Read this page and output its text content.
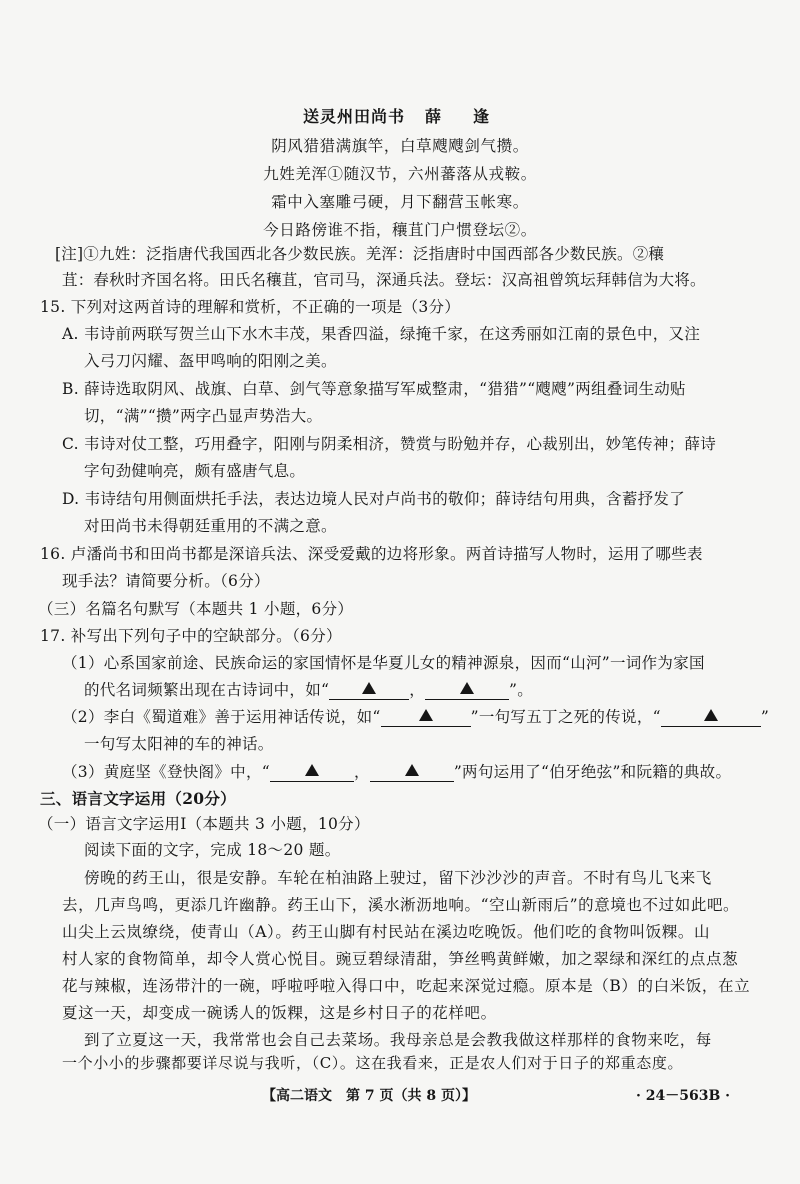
送灵州田尚书 薛　逢
阴风猎猎满旗竿，白草飕飕剑气攒。
九姓羌浑①随汉节，六州蕃落从戎鞍。
霜中入塞雕弓硬，月下翻营玉帐寒。
今日路傍谁不指，穰苴门户惯登坛②。
[注]①九姓：泛指唐代我国西北各少数民族。羌浑：泛指唐时中国西部各少数民族。②穰
苴：春秋时齐国名将。田氏名穰苴，官司马，深通兵法。登坛：汉高祖曾筑坛拜韩信为大将。
15. 下列对这两首诗的理解和赏析，不正确的一项是（3分）
A. 韦诗前两联写贺兰山下水木丰茂，果香四溢，绿掩千家，在这秀丽如江南的景色中，又注
入弓刀闪耀、盔甲鸣响的阳刚之美。
B. 薛诗选取阴风、战旗、白草、剑气等意象描写军威整肃，“猎猎”“飕飕”两组叠词生动贴
切，“满”“攒”两字凸显声势浩大。
C. 韦诗对仗工整，巧用叠字，阳刚与阴柔相济，赞赏与盼勉并存，心裁别出，妙笔传神；薛诗
字句劲健响亮，颇有盛唐气息。
D. 韦诗结句用侧面烘托手法，表达边境人民对卢尚书的敬仰；薛诗结句用典，含蓄抒发了
对田尚书未得朝廷重用的不满之意。
16. 卢潘尚书和田尚书都是深谙兵法、深受爱戴的边将形象。两首诗描写人物时，运用了哪些表
现手法？请简要分析。（6分）
（三）名篇名句默写（本题共 1 小题，6分）
17. 补写出下列句子中的空缺部分。（6分）
（1）心系国家前途、民族命运的家国情怀是华夏儿女的精神源泉，因而“山河”一词作为家国
的代名词频繁出现在古诗词中，如“	，	”。
（2）李白《蜀道难》善于运用神话传说，如“	”一句写五丁之死的传说，“	”
一句写太阳神的车的神话。
（3）黄庭坚《登快阁》中，“	，	”两句运用了“伯牙绝弦”和阮籍的典故。
三、语言文字运用（20分）
（一）语言文字运用Ⅰ（本题共 3 小题，10分）
阅读下面的文字，完成 18～20 题。
傍晚的药王山，很是安静。车轮在柏油路上驶过，留下沙沙沙的声音。不时有鸟儿飞来飞
去，几声鸟鸣，更添几许幽静。药王山下，溪水淅沥地响。“空山新雨后”的意境也不过如此吧。
山尖上云岚缭绕，使青山（A）。药王山脚有村民站在溪边吃晚饭。他们吃的食物叫饭粿。山
村人家的食物简单，却令人赏心悦目。豌豆碧绿清甜，笋丝鸭黄鲜嫩，加之翠绿和深红的点点葱
花与辣椒，连汤带汁的一碗，呼啦呼啦入得口中，吃起来深觉过瘾。原本是（B）的白米饭，在立
夏这一天，却变成一碗诱人的饭粿，这是乡村日子的花样吧。
到了立夏这一天，我常常也会自己去菜场。我母亲总是会教我做这样那样的食物来吃，每
一个小小的步骤都要详尽说与我听，（C）。这在我看来，正是农人们对于日子的郑重态度。
【高二语文　第 7 页（共 8 页）】	· 24－563B ·
